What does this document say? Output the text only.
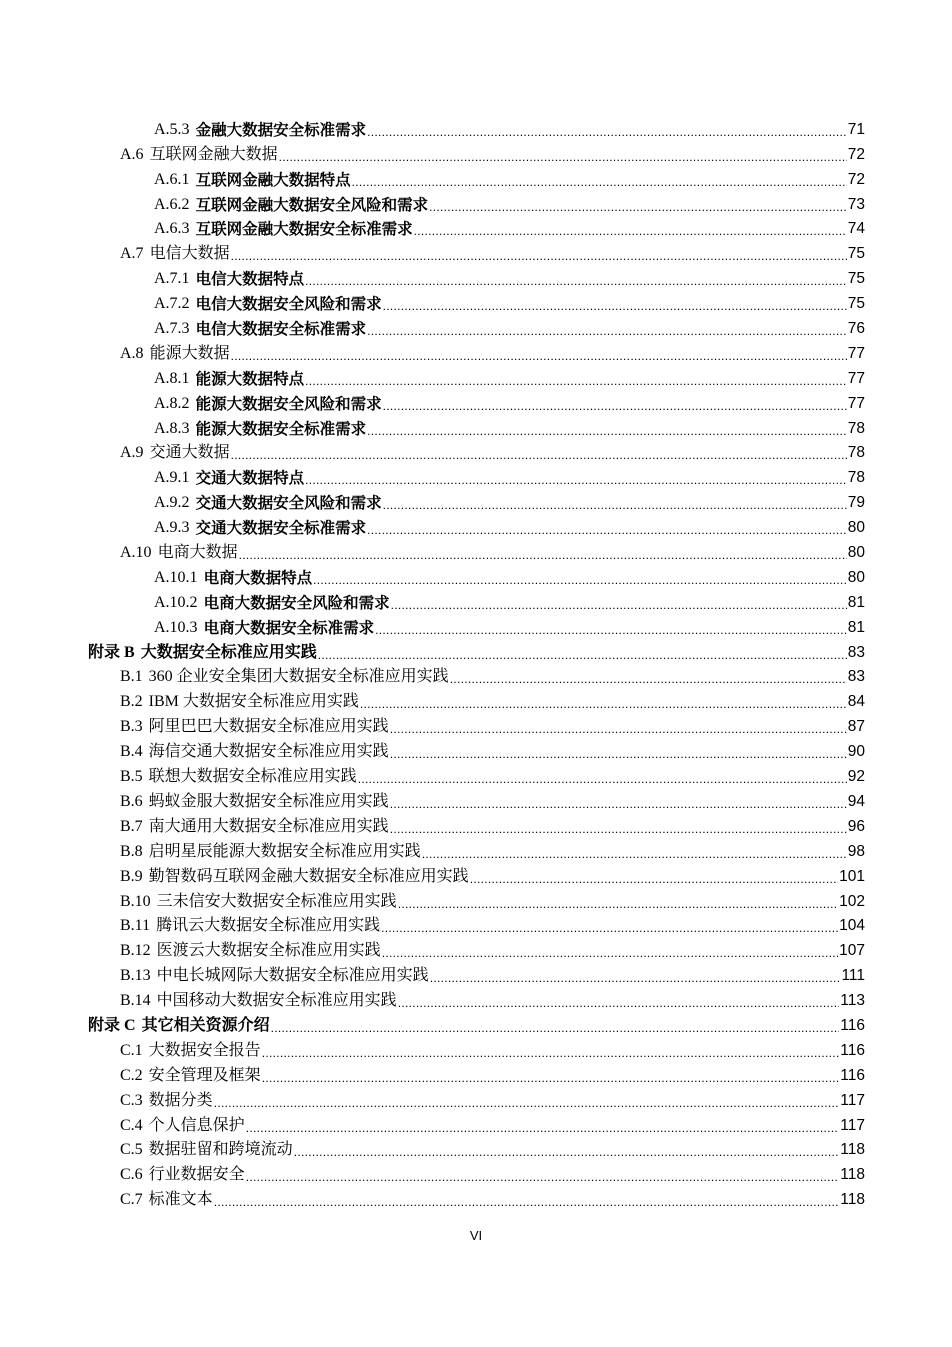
A.5.3 金融大数据安全标准需求 .....	71
A.6 互联网金融大数据 .....	72
A.6.1 互联网金融大数据特点 .....	72
A.6.2 互联网金融大数据安全风险和需求 .....	73
A.6.3 互联网金融大数据安全标准需求 .....	74
A.7 电信大数据 .....	75
A.7.1 电信大数据特点 .....	75
A.7.2 电信大数据安全风险和需求 .....	75
A.7.3 电信大数据安全标准需求 .....	76
A.8 能源大数据 .....	77
A.8.1 能源大数据特点 .....	77
A.8.2 能源大数据安全风险和需求 .....	77
A.8.3 能源大数据安全标准需求 .....	78
A.9 交通大数据 .....	78
A.9.1 交通大数据特点 .....	78
A.9.2 交通大数据安全风险和需求 .....	79
A.9.3 交通大数据安全标准需求 .....	80
A.10 电商大数据 .....	80
A.10.1 电商大数据特点 .....	80
A.10.2 电商大数据安全风险和需求 .....	81
A.10.3 电商大数据安全标准需求 .....	81
附录 B 大数据安全标准应用实践 .....	83
B.1 360 企业安全集团大数据安全标准应用实践 .....	83
B.2 IBM 大数据安全标准应用实践 .....	84
B.3 阿里巴巴大数据安全标准应用实践 .....	87
B.4 海信交通大数据安全标准应用实践 .....	90
B.5 联想大数据安全标准应用实践 .....	92
B.6 蚂蚁金服大数据安全标准应用实践 .....	94
B.7 南大通用大数据安全标准应用实践 .....	96
B.8 启明星辰能源大数据安全标准应用实践 .....	98
B.9 勤智数码互联网金融大数据安全标准应用实践 .....	101
B.10 三未信安大数据安全标准应用实践 .....	102
B.11 腾讯云大数据安全标准应用实践 .....	104
B.12 医渡云大数据安全标准应用实践 .....	107
B.13 中电长城网际大数据安全标准应用实践 .....	111
B.14 中国移动大数据安全标准应用实践 .....	113
附录 C 其它相关资源介绍 .....	116
C.1 大数据安全报告 .....	116
C.2 安全管理及框架 .....	116
C.3 数据分类 .....	117
C.4 个人信息保护 .....	117
C.5 数据驻留和跨境流动 .....	118
C.6 行业数据安全 .....	118
C.7 标准文本 .....	118
VI
